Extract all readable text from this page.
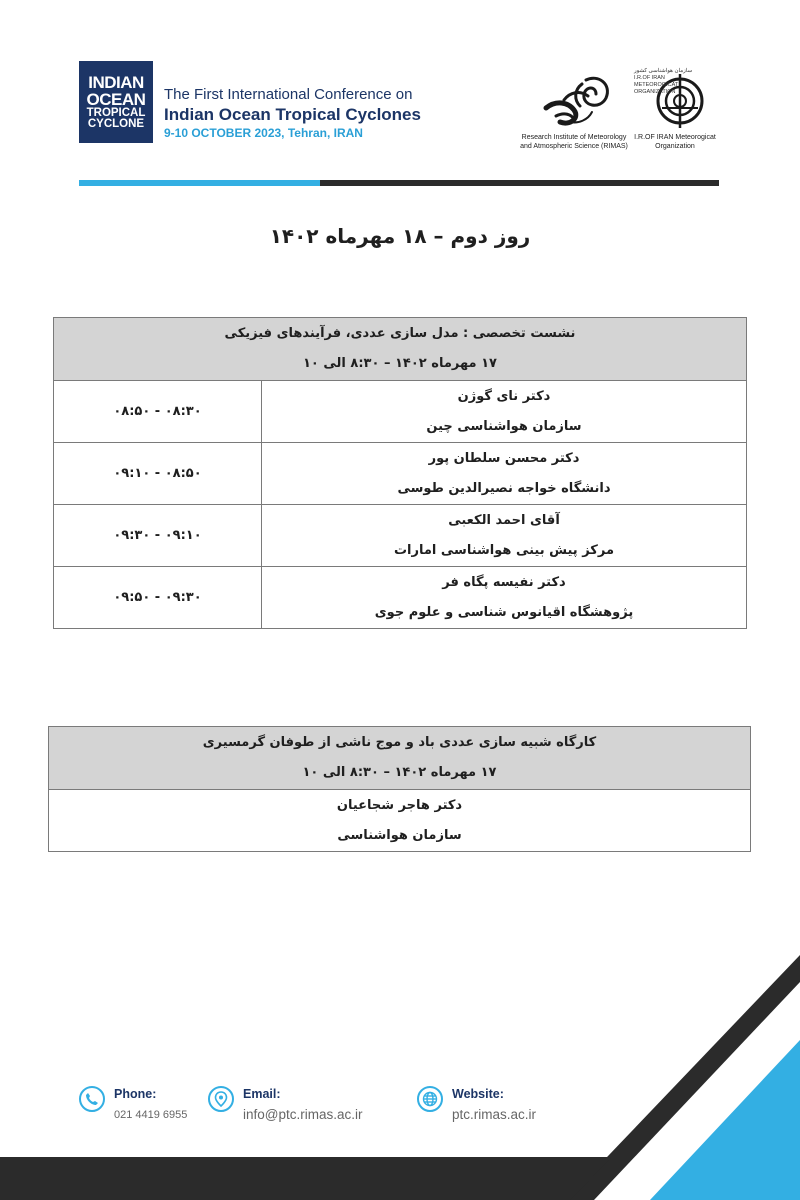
INDIAN
OCEAN
TROPICAL
CYCLONE
The First International Conference on
Indian Ocean Tropical Cyclones
9-10 OCTOBER 2023, Tehran, IRAN	Research Institute of Meteorology
and Atmospheric Science (RIMAS)
سازمان هواشناسی کشور
I.R.OF IRAN
METEOROGICAT
ORGANIZATION
I.R.OF IRAN Meteorogicat
Organization
روز دوم – ۱۸ مهرماه ۱۴۰۲
نشست تخصصی : مدل سازی عددی، فرآیندهای فیزیکی
۱۷ مهرماه ۱۴۰۲ – ۸:۳۰ الی ۱۰	

دکتر نای گوژن
سازمان هواشناسی چین	۰۸:۳۰ - ۰۸:۵۰

دکتر محسن سلطان پور
دانشگاه خواجه نصیرالدین طوسی	۰۸:۵۰ - ۰۹:۱۰

آقای احمد الکعبی
مرکز پیش بینی هواشناسی امارات	۰۹:۱۰ - ۰۹:۳۰

دکتر نفیسه پگاه فر
پژوهشگاه اقیانوس شناسی و علوم جوی	۰۹:۳۰ - ۰۹:۵۰
کارگاه شبیه سازی عددی باد و موج ناشی از طوفان گرمسیری
۱۷ مهرماه ۱۴۰۲ – ۸:۳۰ الی ۱۰

دکتر هاجر شجاعیان
سازمان هواشناسی
Phone:
021 4419 6955
Email:
info@ptc.rimas.ac.ir
Website:
ptc.rimas.ac.ir
